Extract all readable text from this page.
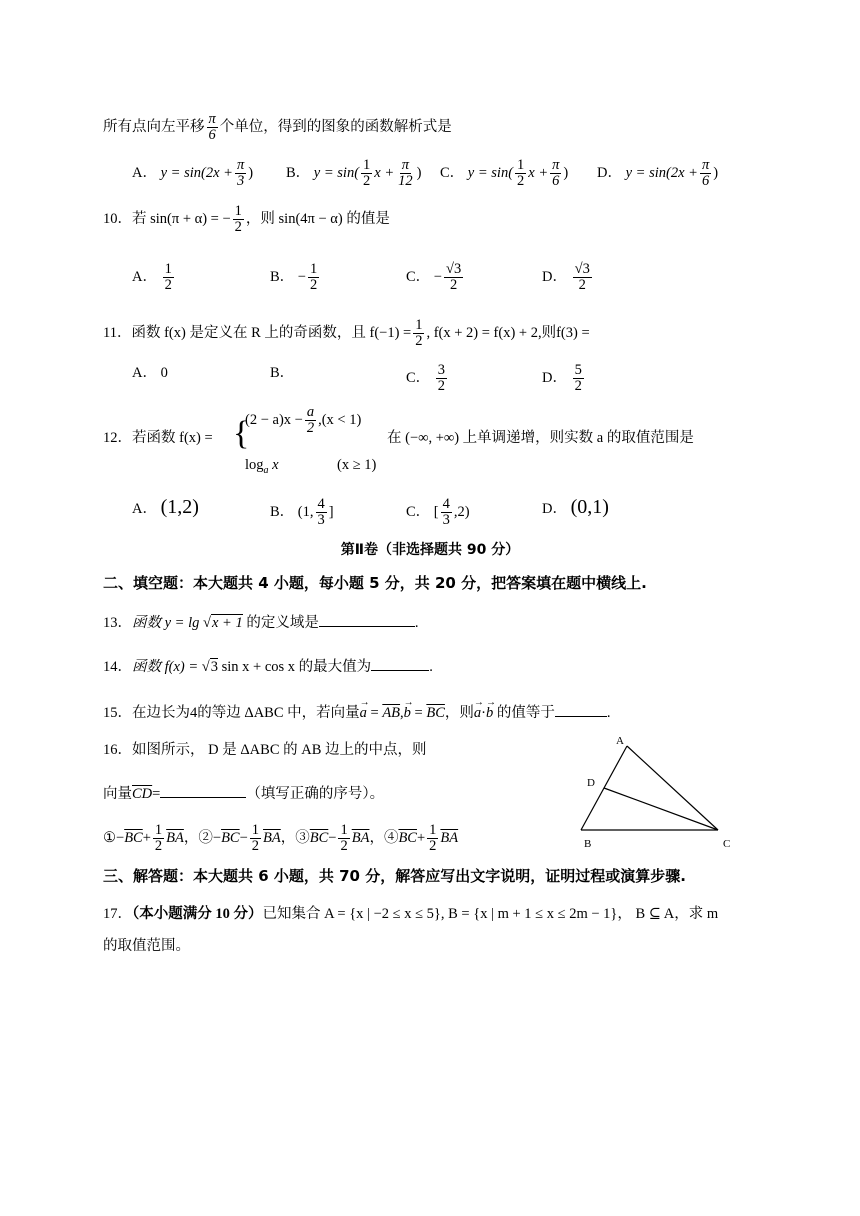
所有点向左平移 $\frac{\pi}{6}$ 个单位，得到的图象的函数解析式是
A． $y = \sin(2x + \frac{\pi}{3}$ ) B． $y = \sin( \frac{1}{2}$ $x + \frac{\pi}{12}$ ) C． $y = \sin( \frac{1}{2}$ $x + \frac{\pi}{6}$ ) D． $y = \sin(2x + \frac{\pi}{6}$ )
10．若 sin(π + α) = − $\frac{1}{2}$ ，则 sin(4π − α) 的值是
A． $\frac{1}{2}$	B． − $\frac{1}{2}$	C． − $\frac{√3}{2}$	D． $\frac{√3}{2}$
11．函数 f(x) 是定义在 R 上的奇函数，且 $f(-1) = \frac{1}{2}$ , f(x + 2) = f(x) + 2,则f(3) =
A． 0	B．	C． $\frac{3}{2}$	D． $\frac{5}{2}$
12．若函数 f(x) = {
$(2 - a)x - \frac{a}{2} ,(x < 1)$
$\log_a x$	(x ≥ 1)
在 (−∞, +∞) 上单调递增，则实数 a 的取值范围是
A． (1,2)	B． (1, $\frac{4}{3}$ ]	C． [ $\frac{4}{3} ,2$)	D． (0,1)
第Ⅱ卷（非选择题共 90 分）
二、填空题：本大题共 4 小题，每小题 5 分，共 20 分，把答案填在题中横线上.
13．函数 y = lg √x + 1 的定义域是	.
14．函数 f(x) = √3 sin x + cos x 的最大值为	.
15．在边长为4的等边 ΔABC 中，若向量→ $a = \overline{AB},\to b = \overline{BC}$，则→ a·→ b 的值等于	.
16．如图所示， D 是 ΔABC 的 AB 边上的中点，则
向量$\overline{CD}=$	（填写正确的序号）。
$①-\overline{BC}+ \frac{1}{2} \overline{BA}$，$②-\overline{BC}- \frac{1}{2} \overline{BA}$，$③\overline{BC}- \frac{1}{2} \overline{BA}$，$④\overline{BC}+ \frac{1}{2} \overline{BA}$
A
D
B	C
三、解答题：本大题共 6 小题，共 70 分，解答应写出文字说明，证明过程或演算步骤.
17．（本小题满分 10 分）已知集合 A = {x | −2 ≤ x ≤ 5}, B = {x | m + 1 ≤ x ≤ 2m − 1}， B ⊆ A，求 m
的取值范围。
